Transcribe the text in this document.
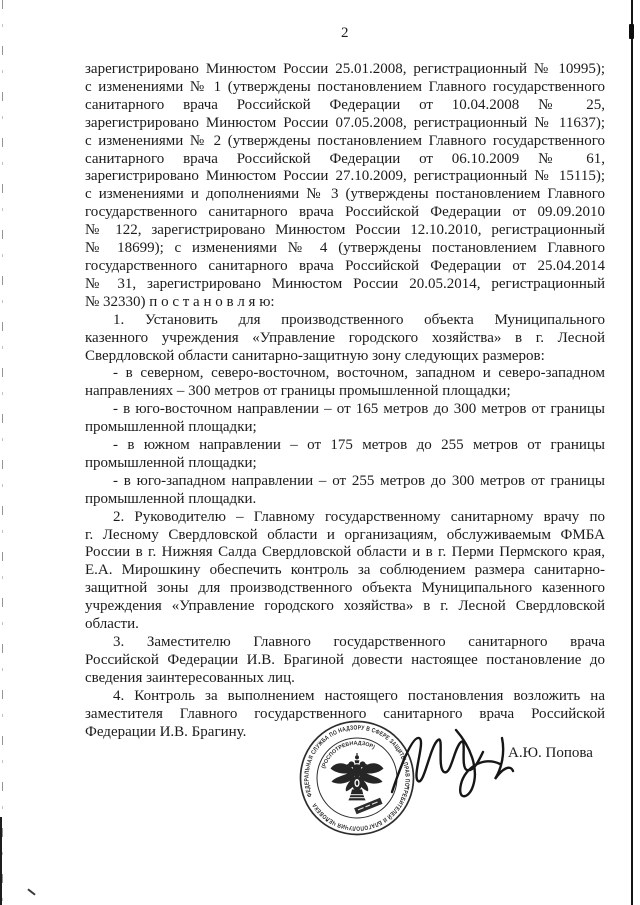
2
зарегистрировано Минюстом России 25.01.2008, регистрационный № 10995);
с изменениями № 1 (утверждены постановлением Главного государственного
санитарного врача Российской Федерации от 10.04.2008 № 25,
зарегистрировано Минюстом России 07.05.2008, регистрационный № 11637);
с изменениями № 2 (утверждены постановлением Главного государственного
санитарного врача Российской Федерации от 06.10.2009 № 61,
зарегистрировано Минюстом России 27.10.2009, регистрационный № 15115);
с изменениями и дополнениями № 3 (утверждены постановлением Главного
государственного санитарного врача Российской Федерации от 09.09.2010
№ 122, зарегистрировано Минюстом России 12.10.2010, регистрационный
№ 18699); с изменениями № 4 (утверждены постановлением Главного
государственного санитарного врача Российской Федерации от 25.04.2014
№ 31, зарегистрировано Минюстом России 20.05.2014, регистрационный
№ 32330) п о с т а н о в л я ю:
1. Установить для производственного объекта Муниципального
казенного учреждения «Управление городского хозяйства» в г. Лесной
Свердловской области санитарно-защитную зону следующих размеров:
- в северном, северо-восточном, восточном, западном и северо-западном
направлениях – 300 метров от границы промышленной площадки;
- в юго-восточном направлении – от 165 метров до 300 метров от границы
промышленной площадки;
- в южном направлении – от 175 метров до 255 метров от границы
промышленной площадки;
- в юго-западном направлении – от 255 метров до 300 метров от границы
промышленной площадки.
2. Руководителю – Главному государственному санитарному врачу по
г. Лесному Свердловской области и организациям, обслуживаемым ФМБА
России в г. Нижняя Салда Свердловской области и в г. Перми Пермского края,
Е.А. Мирошкину обеспечить контроль за соблюдением размера санитарно-
защитной зоны для производственного объекта Муниципального казенного
учреждения «Управление городского хозяйства» в г. Лесной Свердловской
области.
3. Заместителю Главного государственного санитарного врача
Российской Федерации И.В. Брагиной довести настоящее постановление до
сведения заинтересованных лиц.
4. Контроль за выполнением настоящего постановления возложить на
заместителя Главного государственного санитарного врача Российской
Федерации И.В. Брагину.
ФЕДЕРАЛЬНАЯ СЛУЖБА ПО НАДЗОРУ В СФЕРЕ ЗАЩИТЫ ПРАВ ПОТРЕБИТЕЛЕЙ И БЛАГОПОЛУЧИЯ ЧЕЛОВЕКА
(РОСПОТРЕБНАДЗОР)	А.Ю. Попова
